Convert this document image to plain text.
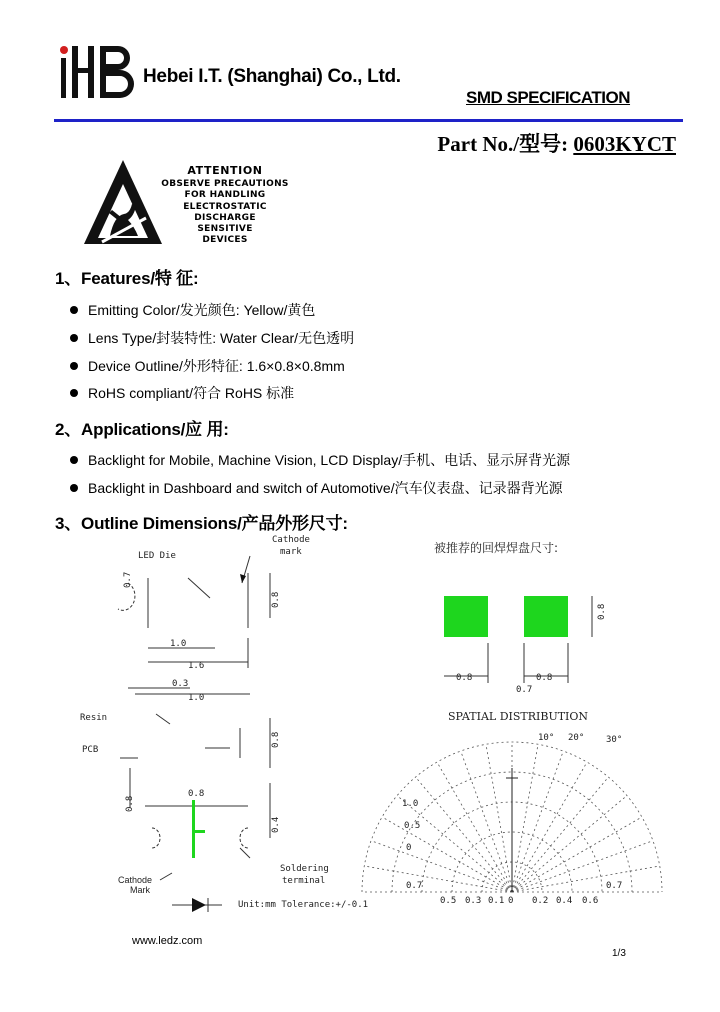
Hebei I.T. (Shanghai) Co., Ltd.
SMD SPECIFICATION
Part No./型号: 0603KYCT
ATTENTION
OBSERVE PRECAUTIONS
FOR HANDLING
ELECTROSTATIC
DISCHARGE
SENSITIVE
DEVICES
1、Features/特 征:
Emitting Color/发光颜色: Yellow/黄色
Lens Type/封装特性: Water Clear/无色透明
Device Outline/外形特征: 1.6×0.8×0.8mm
RoHS compliant/符合 RoHS 标准
2、Applications/应 用:
Backlight for Mobile, Machine Vision, LCD Display/手机、电话、显示屏背光源
Backlight in Dashboard and switch of Automotive/汽车仪表盘、记录器背光源
3、Outline Dimensions/产品外形尺寸:
LED Die
Cathode
mark
0.7
0.8
1.0
1.6
0.3
1.0
Resin
PCB
0.8
0.8
0.8
0.4
Cathode
Mark
Soldering
terminal
Unit:mm Tolerance:+/-0.1
被推荐的回焊焊盘尺寸:
0.8
0.8	0.8
0.7
SPATIAL DISTRIBUTION
10° 20° 30°
1.0
0.5
0
0.7	0.7
0.5 0.3 0.1 0 0.2 0.4 0.6
www.ledz.com
1/3
